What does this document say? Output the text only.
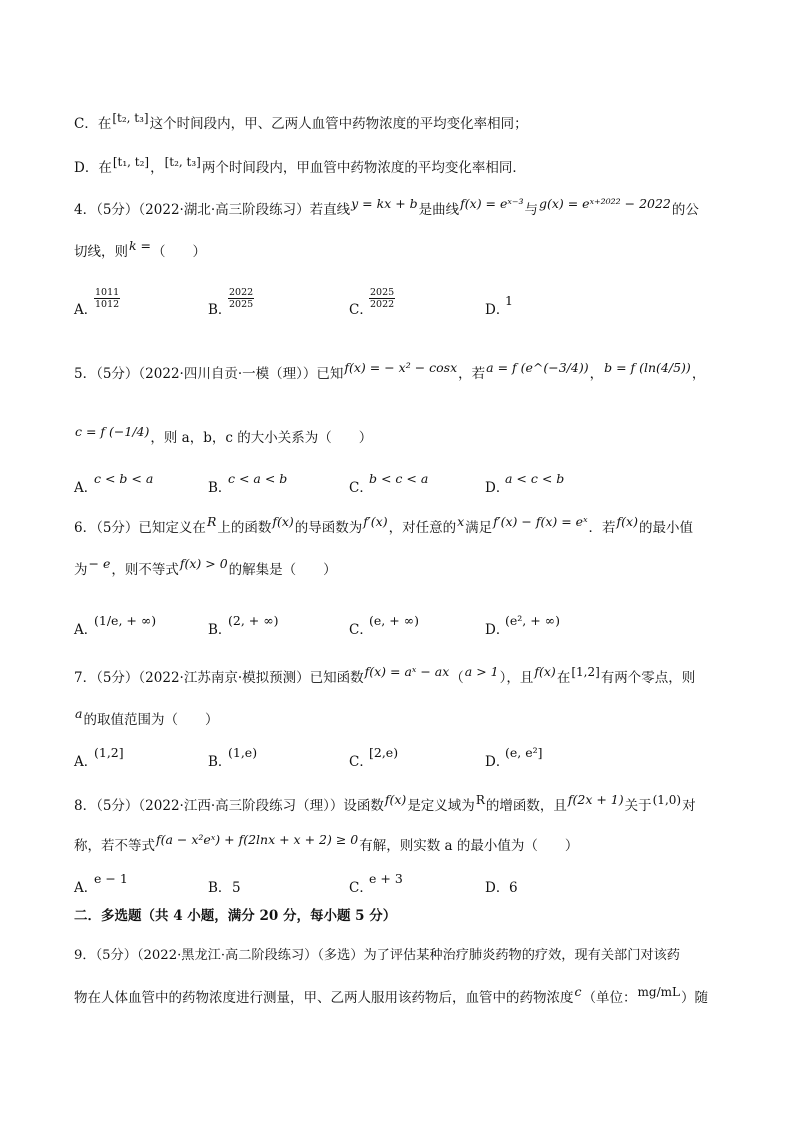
C．在[t₂, t₃]这个时间段内，甲、乙两人血管中药物浓度的平均变化率相同；
D．在[t₁, t₂]，[t₂, t₃]两个时间段内，甲血管中药物浓度的平均变化率相同．
4．（5分）（2022·湖北·高三阶段练习）若直线y = kx + b是曲线f(x) = eˣ⁻³与g(x) = eˣ⁺²⁰²² − 2022的公
切线，则k =（　　）
A．
$\frac{1011}{1012}$	B．
$\frac{2022}{2025}$	C．
$\frac{2025}{2022}$	D．
1
5．（5分）（2022·四川自贡·一模（理））已知f(x) = − x² − cosx，若a = f (e^(−3/4))，b = f (ln(4/5))，
c = f (−1/4)，则 a，b，c 的大小关系为（　　）
A．
c < b < a
B．
c < a < b
C．
b < c < a
D．
a < c < b
6．（5分）已知定义在R上的函数f(x)的导函数为f′(x)，对任意的x满足f′(x) − f(x) = eˣ．若f(x)的最小值
为− e，则不等式f(x) > 0的解集是（　　）
A．
(1/e, + ∞)
B．
(2, + ∞)
C．
(e, + ∞)
D．
(e², + ∞)
7．（5分）（2022·江苏南京·模拟预测）已知函数f(x) = aˣ − ax（a > 1），且f(x)在[1,2]有两个零点，则
a的取值范围为（　　）
A．
(1,2]
B．
(1,e)
C．
[2,e)
D．
(e, e²]
8．（5分）（2022·江西·高三阶段练习（理））设函数f(x)是定义域为R的增函数，且f(2x + 1)关于(1,0)对
称，若不等式f(a − x²eˣ) + f(2lnx + x + 2) ≥ 0有解，则实数 a 的最小值为（　　）
A．
e − 1
B． 5	C．
e + 3
D． 6
二．多选题（共 4 小题，满分 20 分，每小题 5 分）
9．（5分）（2022·黑龙江·高二阶段练习）（多选）为了评估某种治疗肺炎药物的疗效，现有关部门对该药
物在人体血管中的药物浓度进行测量，甲、乙两人服用该药物后，血管中的药物浓度c（单位：mg/mL）随
